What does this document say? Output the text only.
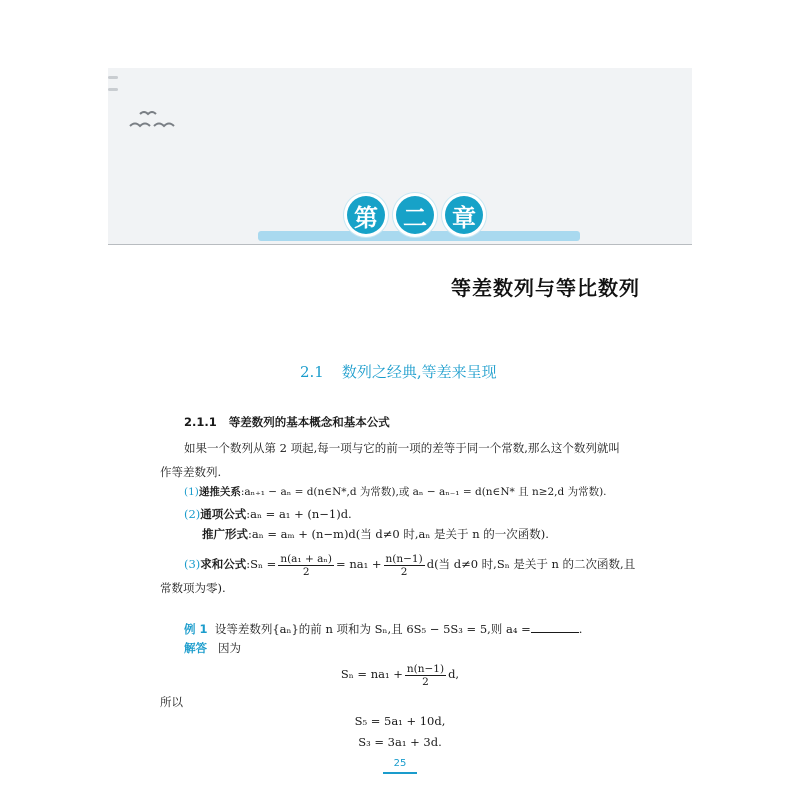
第 二 章
等差数列与等比数列
2.1 数列之经典,等差来呈现
2.1.1 等差数列的基本概念和基本公式
如果一个数列从第 2 项起,每一项与它的前一项的差等于同一个常数,那么这个数列就叫
作等差数列.
(1)递推关系:aₙ₊₁ − aₙ = d(n∈N*,d 为常数),或 aₙ − aₙ₋₁ = d(n∈N* 且 n≥2,d 为常数).
(2)通项公式:aₙ = a₁ + (n−1)d.
推广形式:aₙ = aₘ + (n−m)d(当 d≠0 时,aₙ 是关于 n 的一次函数).
(3)求和公式:Sₙ = $\frac{\text{n(a₁ + aₙ)}}{2} = na_1 + \frac{n(n-1)}{2} d$(当 d≠0 时,Sₙ 是关于 n 的二次函数,且
常数项为零).
例 1 设等差数列{aₙ}的前 n 项和为 Sₙ,且 6S₅ − 5S₃ = 5,则 a₄ =	.
解答 因为
$S_n = na_1 + \frac{n(n-1)}{2} d$,
所以
S₅ = 5a₁ + 10d,
S₃ = 3a₁ + 3d.
25
